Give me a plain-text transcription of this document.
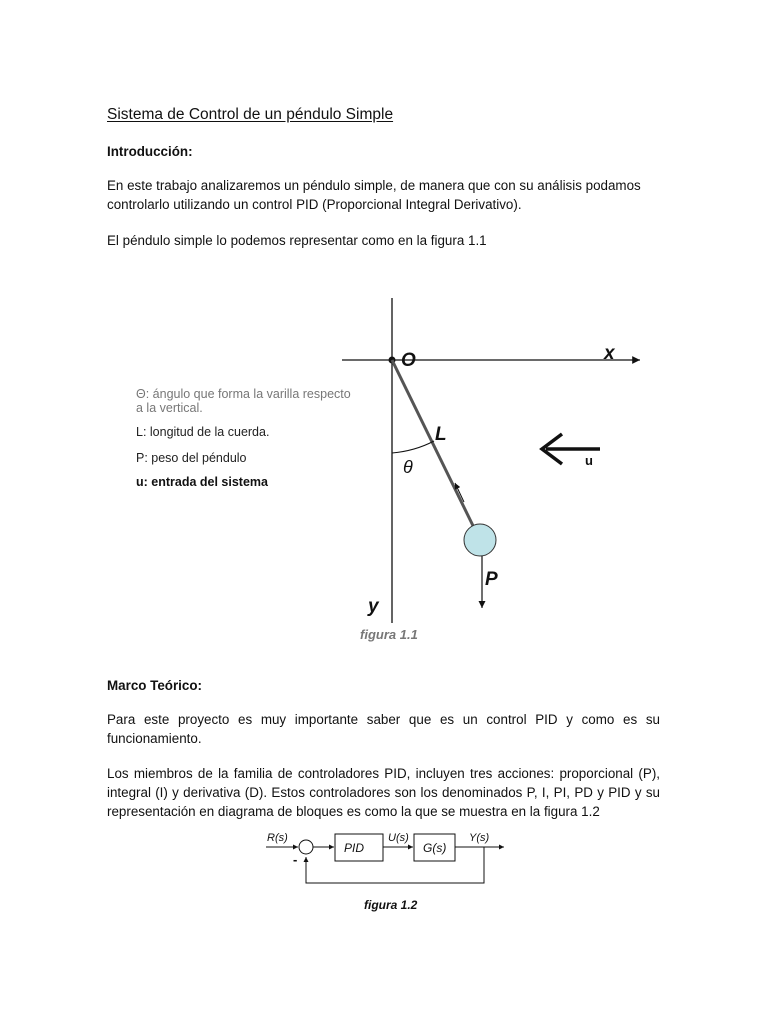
Sistema de Control de un péndulo Simple
Introducción:
En este trabajo analizaremos un péndulo simple, de manera que con su análisis podamos controlarlo utilizando un control PID (Proporcional Integral Derivativo).
El péndulo simple lo podemos representar como en la figura 1.1
O	x
y
L
θ
P
u
Θ: ángulo que forma la varilla respecto a la vertical.
L: longitud de la cuerda.
P: peso del péndulo
u: entrada del sistema
figura 1.1
Marco Teórico:
Para este proyecto es muy importante saber que es un control PID y como es su funcionamiento.
Los miembros de la familia de controladores PID, incluyen tres acciones: proporcional (P), integral (I) y derivativa (D). Estos controladores son los denominados P, I, PI, PD y PID y su representación en diagrama de bloques es como la que se muestra en la figura 1.2
R(s)
-
PID
U(s)
G(s)
Y(s)
figura 1.2
